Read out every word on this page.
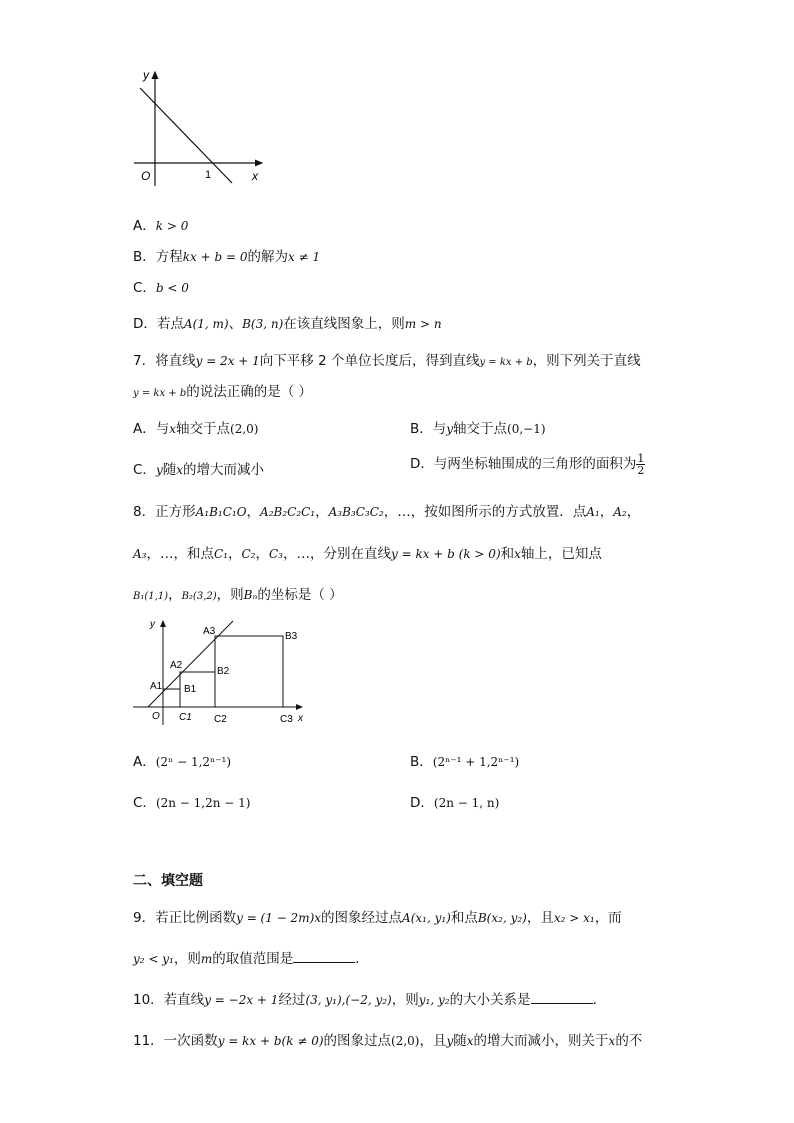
y
x
O	1
A．k > 0
B．方程kx + b = 0的解为x ≠ 1
C．b < 0
D．若点A(1, m)、B(3, n)在该直线图象上，则m > n
7．将直线y = 2x + 1向下平移 2 个单位长度后，得到直线y = kx + b，则下列关于直线
y = kx + b的说法正确的是（ ）
A．与x轴交于点(2,0)	B．与y轴交于点(0,−1)
C．y随x的增大而减小	D．与两坐标轴围成的三角形的面积为 $\frac{1}{2}$
8．正方形A₁B₁C₁O，A₂B₂C₂C₁，A₃B₃C₃C₂，…，按如图所示的方式放置．点A₁，A₂，
A₃，…，和点C₁，C₂，C₃，…，分别在直线y = kx + b (k > 0)和x轴上，已知点
B₁(1,1)，B₂(3,2)，则Bₙ的坐标是（ ）
y
x
O
A1
A2
A3
B1
B2
B3
C1 C2	C3
A．(2ⁿ − 1,2ⁿ⁻¹)	B．(2ⁿ⁻¹ + 1,2ⁿ⁻¹)
C．(2n − 1,2n − 1)	D．(2n − 1, n)
二、填空题
9．若正比例函数y = (1 − 2m)x的图象经过点A(x₁, y₁)和点B(x₂, y₂)，且x₂ > x₁，而
y₂ < y₁，则m的取值范围是	．
10．若直线y = −2x + 1经过(3, y₁),(−2, y₂)，则y₁, y₂的大小关系是	．
11．一次函数y = kx + b(k ≠ 0)的图象过点(2,0)，且y随x的增大而减小，则关于x的不
